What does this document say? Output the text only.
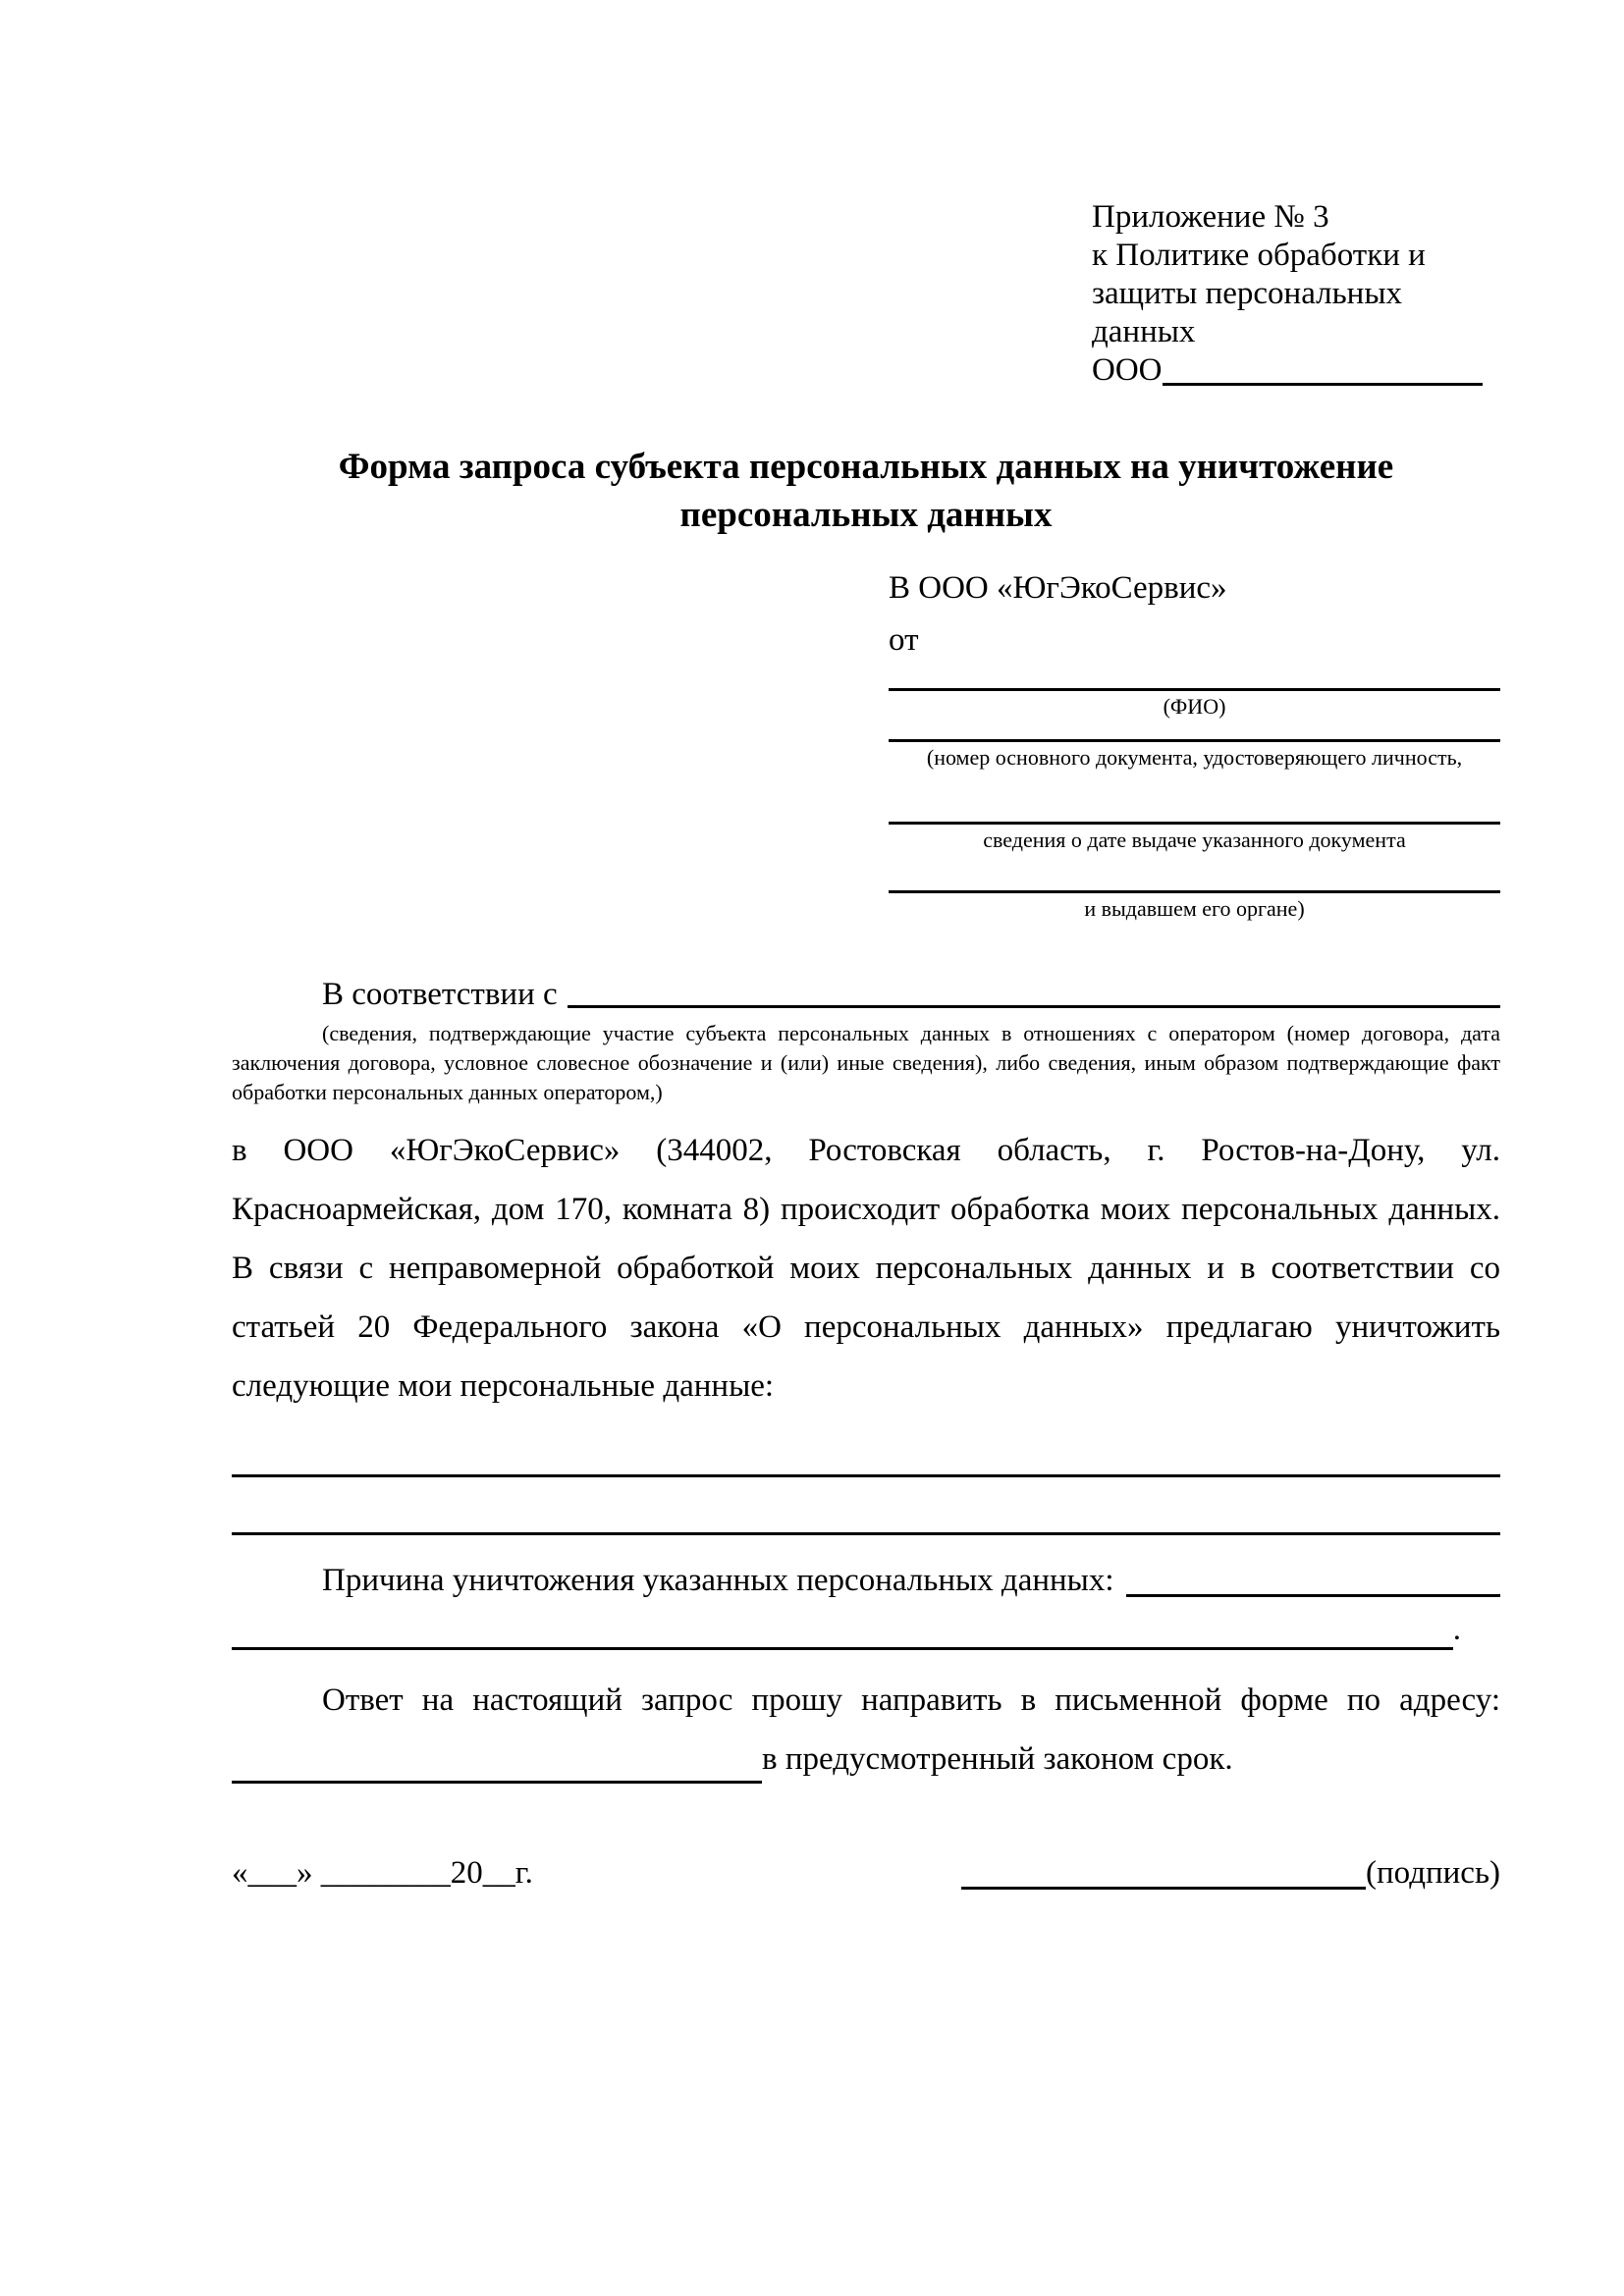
Приложение № 3
к Политике обработки и
защиты персональных данных
ООО
Форма запроса субъекта персональных данных на уничтожение
персональных данных
В ООО «ЮгЭкоСервис»
от
(ФИО)
(номер основного документа, удостоверяющего личность,
сведения о дате выдаче указанного документа
и выдавшем его органе)
В соответствии с
(сведения, подтверждающие участие субъекта персональных данных в отношениях с оператором (номер договора, дата
заключения договора, условное словесное обозначение и (или) иные сведения), либо сведения, иным образом подтверждающие факт
обработки персональных данных оператором,)
в ООО «ЮгЭкоСервис» (344002, Ростовская область, г. Ростов-на-Дону, ул.
Красноармейская, дом 170, комната 8) происходит обработка моих персональных данных.
В связи с неправомерной обработкой моих персональных данных и в соответствии со
статьей 20 Федерального закона «О персональных данных» предлагаю уничтожить
следующие мои персональные данные:
Причина уничтожения указанных персональных данных:
.
Ответ на настоящий запрос прошу направить в письменной форме по адресу:
в предусмотренный законом срок.
«___» ________20__г.	(подпись)
